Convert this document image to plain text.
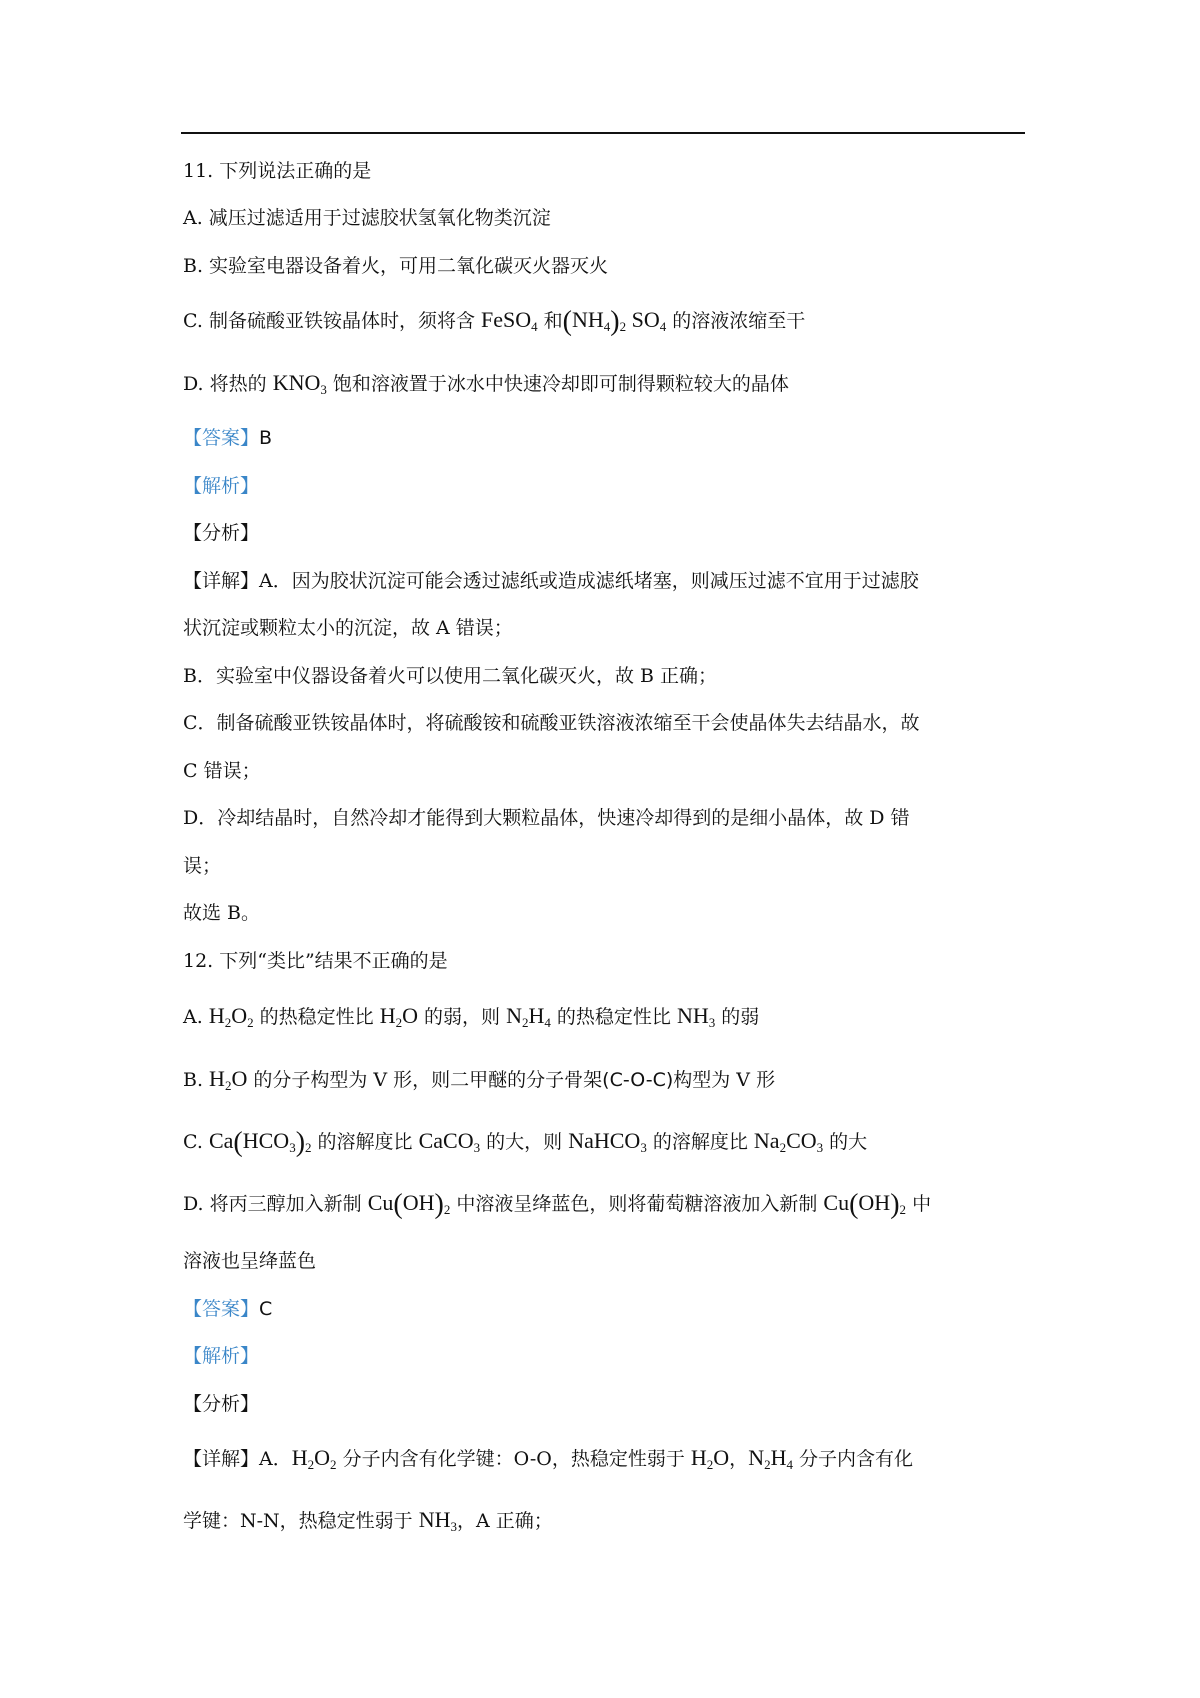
11. 下列说法正确的是
A. 减压过滤适用于过滤胶状氢氧化物类沉淀
B. 实验室电器设备着火，可用二氧化碳灭火器灭火
C. 制备硫酸亚铁铵晶体时，须将含 FeSO$_4$ 和$(NH_4)_2$ $SO_4$ 的溶液浓缩至干
D. 将热的 $KNO_3$ 饱和溶液置于冰水中快速冷却即可制得颗粒较大的晶体
【答案】B
【解析】
【分析】
【详解】A．因为胶状沉淀可能会透过滤纸或造成滤纸堵塞，则减压过滤不宜用于过滤胶
状沉淀或颗粒太小的沉淀，故 A 错误；
B．实验室中仪器设备着火可以使用二氧化碳灭火，故 B 正确；
C．制备硫酸亚铁铵晶体时，将硫酸铵和硫酸亚铁溶液浓缩至干会使晶体失去结晶水，故
C 错误；
D．冷却结晶时，自然冷却才能得到大颗粒晶体，快速冷却得到的是细小晶体，故 D 错
误；
故选 B。
12. 下列“类比”结果不正确的是
A. $H_2O_2$ 的热稳定性比 $H_2O$ 的弱，则 $N_2H_4$ 的热稳定性比 $NH_3$ 的弱
B. $H_2O$ 的分子构型为 V 形，则二甲醚的分子骨架(C-O-C)构型为 V 形
C. $Ca(HCO_3)_2$ 的溶解度比 CaCO$_3$ 的大，则 NaHCO$_3$ 的溶解度比 $Na_2CO_3$ 的大
D. 将丙三醇加入新制 $Cu(OH)_2$ 中溶液呈绛蓝色，则将葡萄糖溶液加入新制 $Cu(OH)_2$ 中
溶液也呈绛蓝色
【答案】C
【解析】
【分析】
【详解】A．$H_2O_2$ 分子内含有化学键：O-O，热稳定性弱于 $H_2O$，$N_2H_4$ 分子内含有化
学键：N-N，热稳定性弱于 $NH_3$，A 正确；
